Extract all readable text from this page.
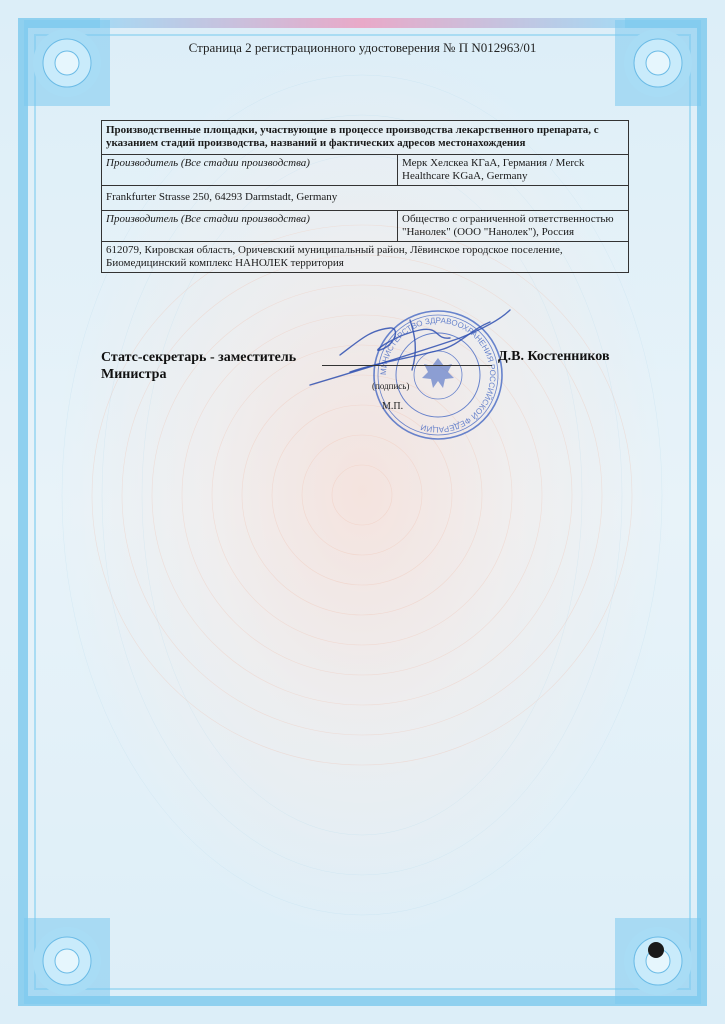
Страница 2 регистрационного удостоверения № П N012963/01
Производственные площадки, участвующие в процессе производства лекарственного препарата, с указанием стадий производства, названий и фактических адресов местонахождения	
Производитель (Все стадии производства)	Мерк Хелскеа КГаА, Германия / Merck Healthcare KGaA, Germany
Frankfurter Strasse 250, 64293 Darmstadt, Germany	
Производитель (Все стадии производства)	Общество с ограниченной ответственностью "Нанолек" (ООО "Нанолек"), Россия
612079, Кировская область, Оричевский муниципальный район, Лёвинское городское поселение, Биомедицинский комплекс НАНОЛЕК территория	
МИНИСТЕРСТВО ЗДРАВООХРАНЕНИЯ РОССИЙСКОЙ ФЕДЕРАЦИИ
Статс-секретарь - заместитель
Министра
Д.В. Костенников
(подпись)
М.П.
